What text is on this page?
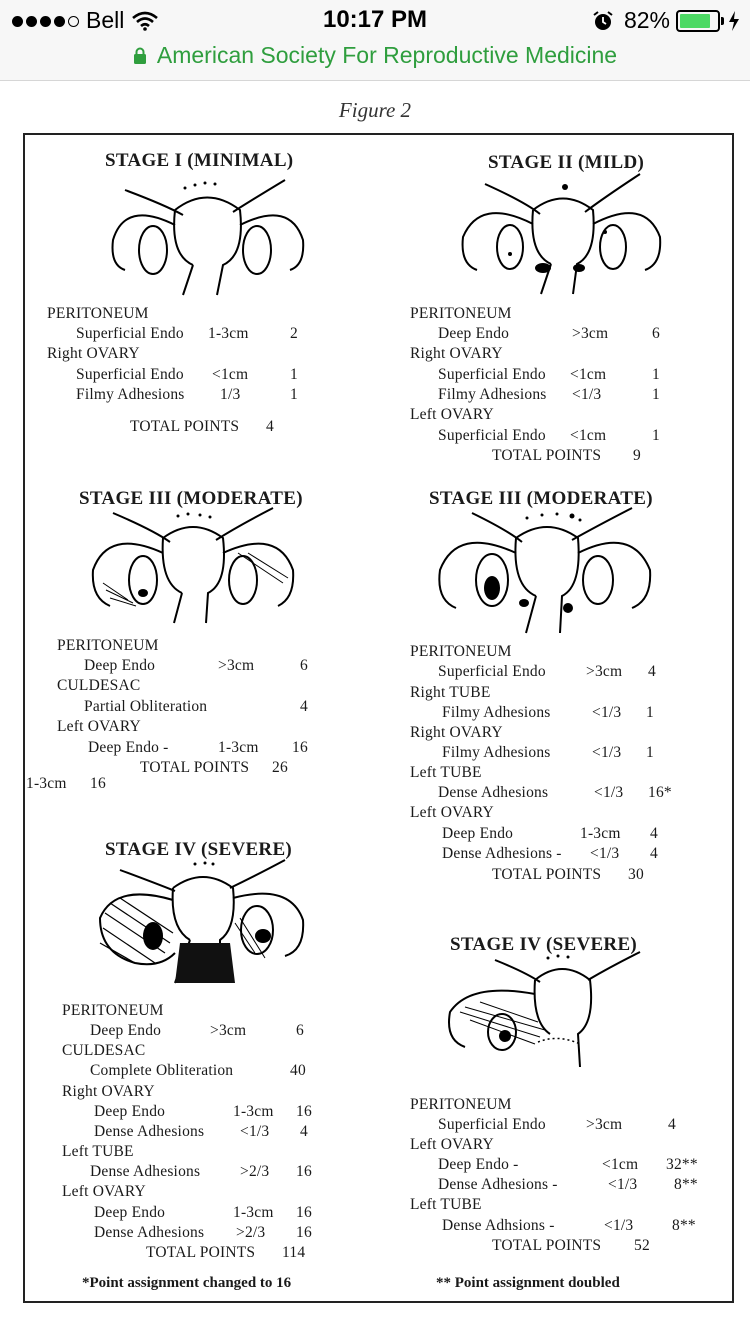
Bell	10:17 PM	82%
American Society For Reproductive Medicine
Figure 2
STAGE I (MINIMAL)
PERITONEUM
Superficial Endo 1-3cm	2
Right OVARY
Superficial Endo <1cm	1
Filmy Adhesions 1/3	1
TOTAL POINTS 4
STAGE II (MILD)
PERITONEUM
Deep Endo	>3cm	6
Right OVARY
Superficial Endo <1cm	1
Filmy Adhesions <1/3	1
Left OVARY
Superficial Endo <1cm	1
TOTAL POINTS 9
STAGE III (MODERATE)
PERITONEUM
Deep Endo	>3cm	6
CULDESAC
Partial Obliteration	4
Left OVARY
Deep Endo -	1-3cm 16
TOTAL POINTS 26
1-3cm 16
STAGE III (MODERATE)
PERITONEUM
Superficial Endo	>3cm 4
Right TUBE
Filmy Adhesions	<1/3 1
Right OVARY
Filmy Adhesions	<1/3 1
Left TUBE
Dense Adhesions	<1/3 16*
Left OVARY
Deep Endo	1-3cm 4
Dense Adhesions - <1/3 4
TOTAL POINTS 30
STAGE IV (SEVERE)
PERITONEUM
Deep Endo	>3cm	6
CULDESAC
Complete Obliteration	40
Right OVARY
Deep Endo	1-3cm 16
Dense Adhesions <1/3 4
Left TUBE
Dense Adhesions	>2/3 16
Left OVARY
Deep Endo	1-3cm 16
Dense Adhesions >2/3 16
TOTAL POINTS 114
STAGE IV (SEVERE)
PERITONEUM
Superficial Endo	>3cm	4
Left OVARY
Deep Endo -	<1cm 32**
Dense Adhesions -	<1/3 8**
Left TUBE
Dense Adhsions -	<1/3 8**
TOTAL POINTS 52
*Point assignment changed to 16	** Point assignment doubled
